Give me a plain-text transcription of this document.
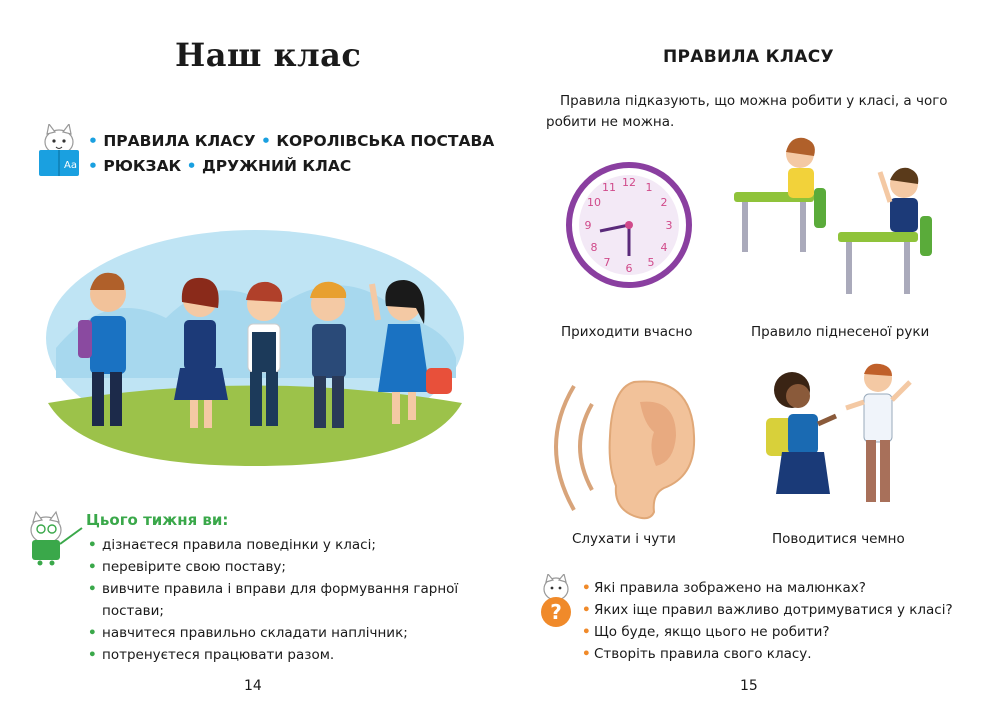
Наш клас
Aa
• ПРАВИЛА КЛАСУ • КОРОЛІВСЬКА ПОСТАВА
• РЮКЗАК • ДРУЖНИЙ КЛАС
Цього тижня ви:
• дізнаєтеся правила поведінки у класі;
• перевірите свою поставу;
• вивчите правила і вправи для формування гарної постави;
• навчитеся правильно складати наплічник;
• потренуєтеся працювати разом.
14
ПРАВИЛА КЛАСУ
Правила підказують, що можна робити у класі, а чого робити не можна.
12 1
2
3
4
5
6
7
8
9
10
11
Приходити вчасно	Правило піднесеної руки
Слухати і чути	Поводитися чемно
?
• Які правила зображено на малюнках?
• Яких іще правил важливо дотримуватися у класі?
• Що буде, якщо цього не робити?
• Створіть правила свого класу.
15
